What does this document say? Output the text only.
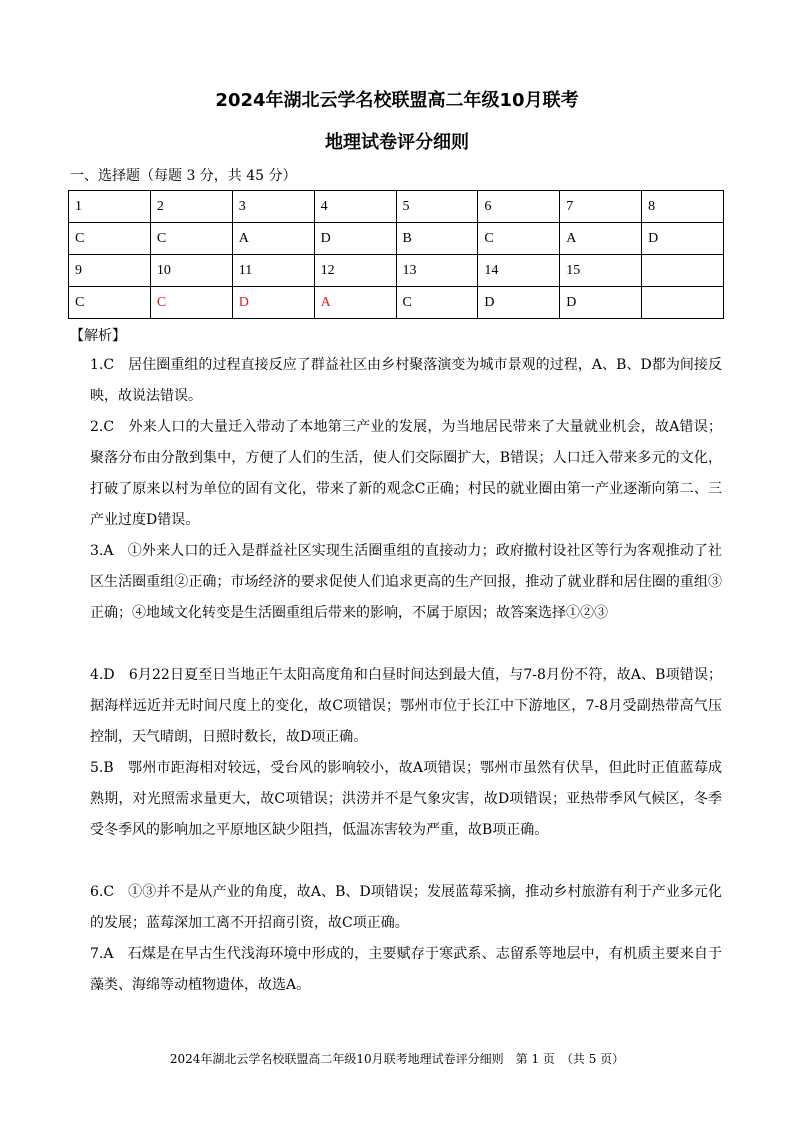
2024年湖北云学名校联盟高二年级10月联考
地理试卷评分细则
一、选择题（每题 3 分，共 45 分）
1	2	3	4	5	6	7	8
C	C	A	D	B	C	A	D
9	10	11	12	13	14	15	
C	C	D	A	C	D	D	
【解析】
1.C　居住圈重组的过程直接反应了群益社区由乡村聚落演变为城市景观的过程，A、B、D都为间接反映，故说法错误。
2.C　外来人口的大量迁入带动了本地第三产业的发展，为当地居民带来了大量就业机会，故A错误；聚落分布由分散到集中，方便了人们的生活，使人们交际圈扩大，B错误；人口迁入带来多元的文化，打破了原来以村为单位的固有文化，带来了新的观念C正确；村民的就业圈由第一产业逐渐向第二、三产业过度D错误。
3.A　①外来人口的迁入是群益社区实现生活圈重组的直接动力；政府撤村设社区等行为客观推动了社区生活圈重组②正确；市场经济的要求促使人们追求更高的生产回报，推动了就业群和居住圈的重组③正确；④地域文化转变是生活圈重组后带来的影响，不属于原因；故答案选择①②③
4.D　6月22日夏至日当地正午太阳高度角和白昼时间达到最大值，与7-8月份不符，故A、B项错误；据海样远近并无时间尺度上的变化，故C项错误；鄂州市位于长江中下游地区，7-8月受副热带高气压控制，天气晴朗，日照时数长，故D项正确。
5.B　鄂州市距海相对较远，受台风的影响较小，故A项错误；鄂州市虽然有伏旱，但此时正值蓝莓成熟期，对光照需求量更大，故C项错误；洪涝并不是气象灾害，故D项错误；亚热带季风气候区，冬季受冬季风的影响加之平原地区缺少阻挡，低温冻害较为严重，故B项正确。
6.C　①③并不是从产业的角度，故A、B、D项错误；发展蓝莓采摘，推动乡村旅游有利于产业多元化的发展；蓝莓深加工离不开招商引资，故C项正确。
7.A　石煤是在早古生代浅海环境中形成的，主要赋存于寒武系、志留系等地层中，有机质主要来自于藻类、海绵等动植物遗体，故选A。
2024年湖北云学名校联盟高二年级10月联考地理试卷评分细则　第 1 页　（共 5 页）
